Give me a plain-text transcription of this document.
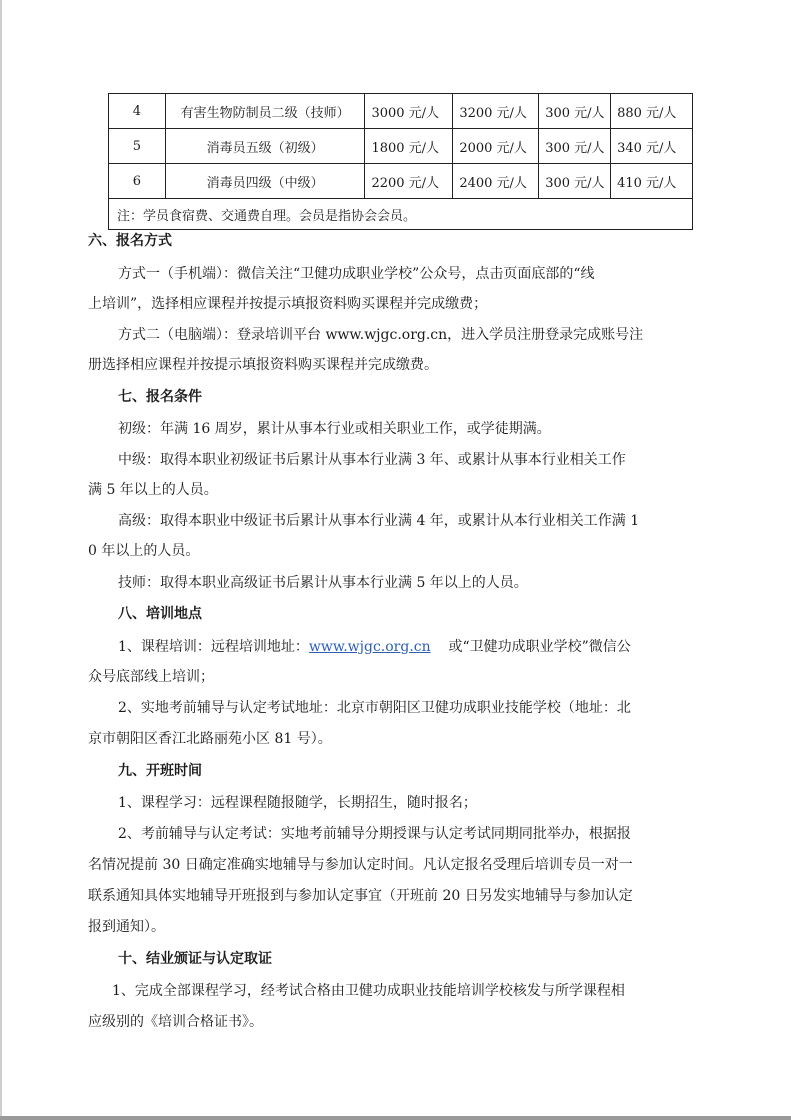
4	有害生物防制员二级（技师）	3000 元/人	3200 元/人	300 元/人	880 元/人
5	消毒员五级（初级）	1800 元/人	2000 元/人	300 元/人	340 元/人
6	消毒员四级（中级）	2200 元/人	2400 元/人	300 元/人	410 元/人
注：学员食宿费、交通费自理。会员是指协会会员。					
六、报名方式
方式一（手机端）：微信关注“卫健功成职业学校”公众号，点击页面底部的“线
上培训”，选择相应课程并按提示填报资料购买课程并完成缴费；
方式二（电脑端）：登录培训平台 www.wjgc.org.cn，进入学员注册登录完成账号注
册选择相应课程并按提示填报资料购买课程并完成缴费。
七、报名条件
初级：年满 16 周岁，累计从事本行业或相关职业工作，或学徒期满。
中级：取得本职业初级证书后累计从事本行业满 3 年、或累计从事本行业相关工作
满 5 年以上的人员。
高级：取得本职业中级证书后累计从事本行业满 4 年，或累计从本行业相关工作满 1
0 年以上的人员。
技师：取得本职业高级证书后累计从事本行业满 5 年以上的人员。
八、培训地点
1、课程培训：远程培训地址：www.wjgc.org.cn 或“卫健功成职业学校”微信公
众号底部线上培训；
2、实地考前辅导与认定考试地址：北京市朝阳区卫健功成职业技能学校（地址：北
京市朝阳区香江北路丽苑小区 81 号）。
九、开班时间
1、课程学习：远程课程随报随学，长期招生，随时报名；
2、考前辅导与认定考试：实地考前辅导分期授课与认定考试同期同批举办，根据报
名情况提前 30 日确定准确实地辅导与参加认定时间。凡认定报名受理后培训专员一对一
联系通知具体实地辅导开班报到与参加认定事宜（开班前 20 日另发实地辅导与参加认定
报到通知）。
十、结业颁证与认定取证
1、完成全部课程学习，经考试合格由卫健功成职业技能培训学校核发与所学课程相
应级别的《培训合格证书》。
